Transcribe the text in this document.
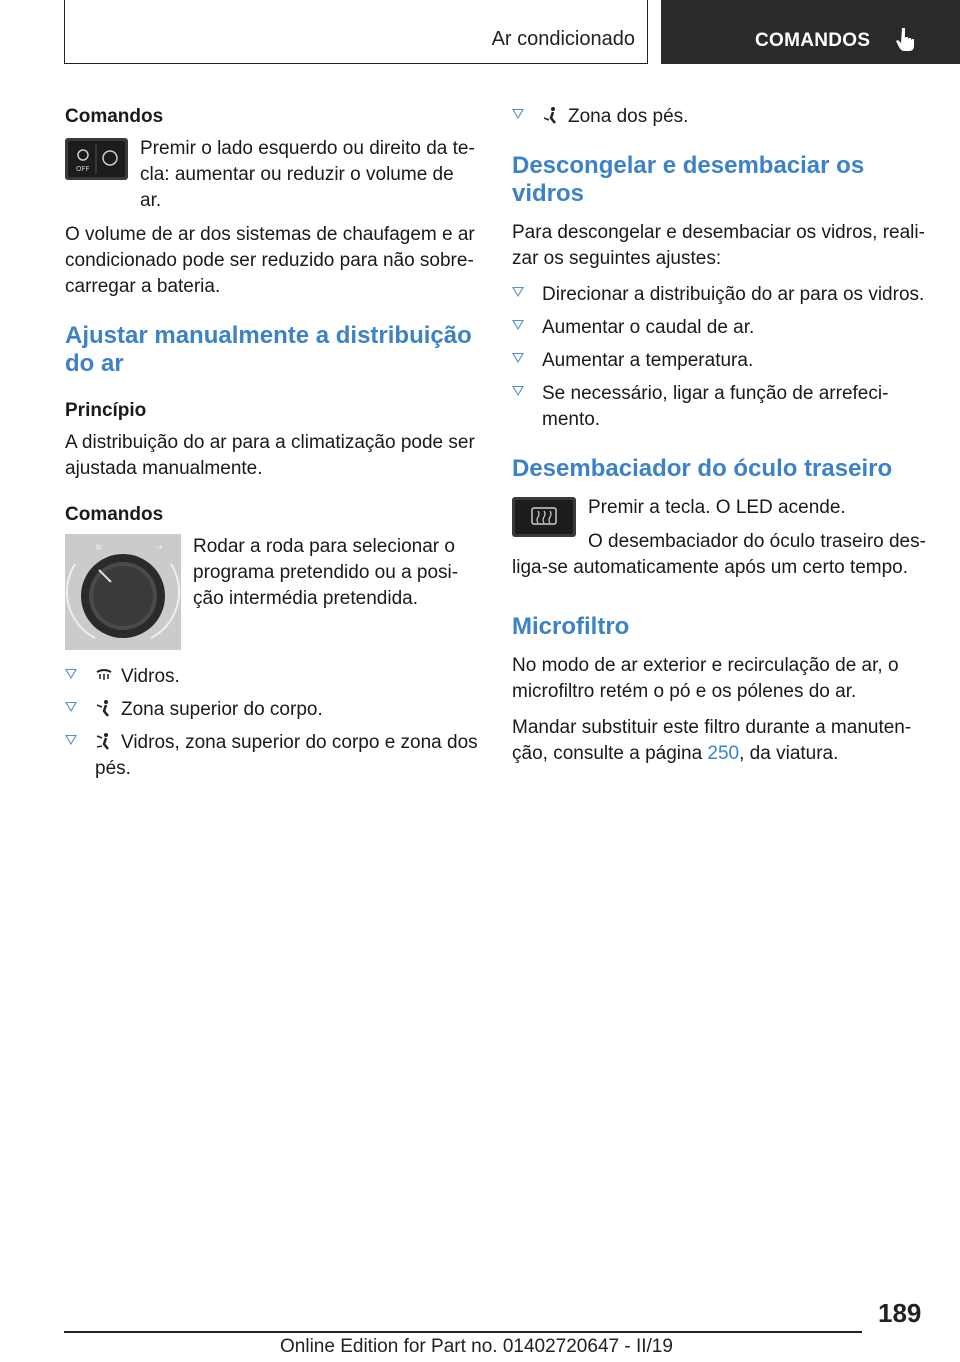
Ar condicionado	COMANDOS
Comandos
OFF

Premir o lado esquerdo ou direito da te-cla: aumentar ou reduzir o volume de ar.

O volume de ar dos sistemas de chaufagem e ar condicionado pode ser reduzido para não sobre-carregar a bateria.

Ajustar manualmente a distribuição do ar
Princípio

A distribuição do ar para a climatização pode ser ajustada manualmente.

Comandos
≋	⇢ Rodar a roda para selecionar o programa pretendido ou a posi-ção intermédia pretendida.

Vidros.
Zona superior do corpo.
Vidros, zona superior do corpo e zona dos pés.
Zona dos pés.
Descongelar e desembaciar os vidros

Para descongelar e desembaciar os vidros, reali-zar os seguintes ajustes:

Direcionar a distribuição do ar para os vidros.
Aumentar o caudal de ar.
Aumentar a temperatura.
Se necessário, ligar a função de arrefeci-mento.
Desembaciador do óculo traseiro

Premir a tecla. O LED acende.

O desembaciador do óculo traseiro des-liga-se automaticamente após um certo tempo.

Microfiltro

No modo de ar exterior e recirculação de ar, o microfiltro retém o pó e os pólenes do ar.

Mandar substituir este filtro durante a manuten-ção, consulte a página 250, da viatura.

189
Online Edition for Part no. 01402720647 - II/19
